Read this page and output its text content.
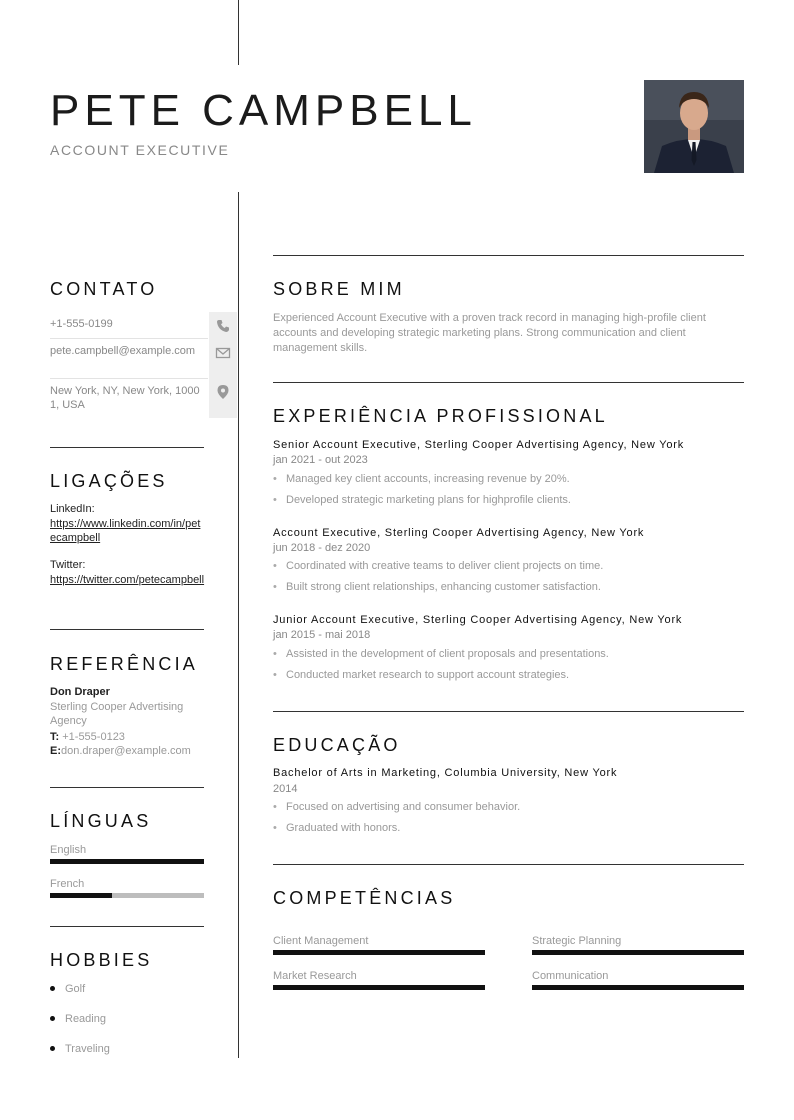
PETE CAMPBELL
ACCOUNT EXECUTIVE
CONTATO
+1-555-0199
pete.campbell@example.com
New York, NY, New York, 10001, USA
LIGAÇÕES
LinkedIn:
https://www.linkedin.com/in/petecampbell
Twitter:
https://twitter.com/petecampbell
REFERÊNCIA
Don Draper
Sterling Cooper Advertising Agency
T: +1-555-0123
E:don.draper@example.com
LÍNGUAS
English
French
HOBBIES
Golf
Reading
Traveling
SOBRE MIM
Experienced Account Executive with a proven track record in managing high-profile client accounts and developing strategic marketing plans. Strong communication and client management skills.
EXPERIÊNCIA PROFISSIONAL
Senior Account Executive, Sterling Cooper Advertising Agency, New York
jan 2021 - out 2023
• Managed key client accounts, increasing revenue by 20%.
• Developed strategic marketing plans for highprofile clients.
Account Executive, Sterling Cooper Advertising Agency, New York
jun 2018 - dez 2020
• Coordinated with creative teams to deliver client projects on time.
• Built strong client relationships, enhancing customer satisfaction.
Junior Account Executive, Sterling Cooper Advertising Agency, New York
jan 2015 - mai 2018
• Assisted in the development of client proposals and presentations.
• Conducted market research to support account strategies.
EDUCAÇÃO
Bachelor of Arts in Marketing, Columbia University, New York
2014
• Focused on advertising and consumer behavior.
• Graduated with honors.
COMPETÊNCIAS
Client Management	Strategic Planning
Market Research	Communication
